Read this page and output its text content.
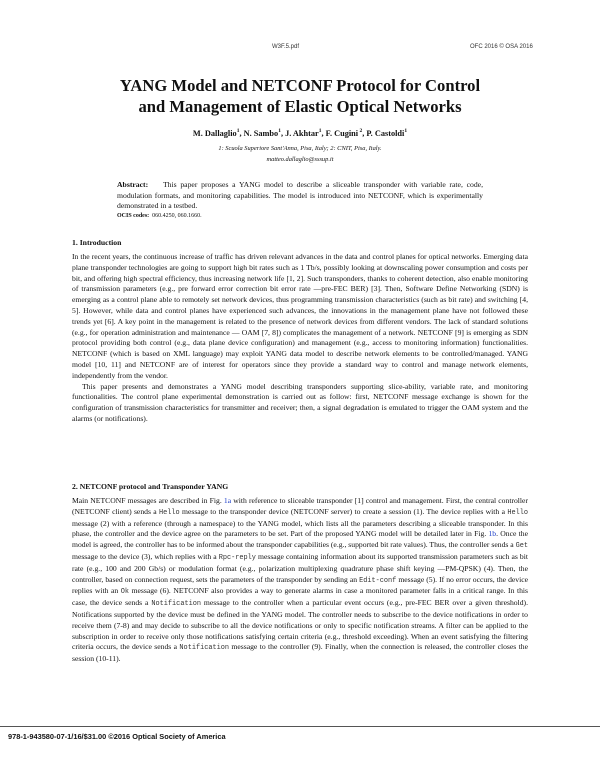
W3F.5.pdf	OFC 2016 © OSA 2016
YANG Model and NETCONF Protocol for Control
and Management of Elastic Optical Networks
M. Dallaglio$^1$, N. Sambo$^1$, J. Akhtar$^1$, F. Cugini $^2$, P. Castoldi$^1$
1: Scuola Superiore Sant'Anna, Pisa, Italy; 2: CNIT, Pisa, Italy.
matteo.dallaglio@sssup.it
Abstract: This paper proposes a YANG model to describe a sliceable transponder with variable rate, code, modulation formats, and monitoring capabilities. The model is introduced into NETCONF, which is experimentally demonstrated in a testbed.
OCIS codes: 060.4250, 060.1660.
1. Introduction

In the recent years, the continuous increase of traffic has driven relevant advances in the data and control planes for optical networks. Emerging data plane transponder technologies are going to support high bit rates such as 1 Tb/s, possibly looking at downscaling power consumption and costs per bit, and offering high spectral efficiency, thus increasing network life [1, 2]. Such transponders, thanks to coherent detection, also enable monitoring of transmission parameters (e.g., pre forward error correction bit error rate —pre-FEC BER) [3]. Then, Software Define Networking (SDN) is emerging as a control plane able to remotely set network devices, thus programming transmission characteristics (such as bit rate) and switching [4, 5]. However, while data and control planes have experienced such advances, the innovations in the management plane have not followed these trends yet [6]. A key point in the management is related to the presence of network devices from different vendors. The lack of standard solutions (e.g., for operation administration and maintenance — OAM [7, 8]) complicates the management of a network. NETCONF [9] is emerging as SDN protocol providing both control (e.g., data plane device configuration) and management (e.g., access to monitoring information) functionalities. NETCONF (which is based on XML language) may exploit YANG data model to describe network elements to be controlled/managed. YANG model [10, 11] and NETCONF are of interest for operators since they provide a standard way to control and manage network elements, independently from the vendor.

This paper presents and demonstrates a YANG model describing transponders supporting slice-ability, variable rate, and monitoring functionalities. The control plane experimental demonstration is carried out as follow: first, NETCONF message exchange is shown for the configuration of transmission characteristics for transmitter and receiver; then, a signal degradation is emulated to trigger the OAM system and the alarms (or notifications).

2. NETCONF protocol and Transponder YANG

Main NETCONF messages are described in Fig. 1a with reference to sliceable transponder [1] control and management. First, the central controller (NETCONF client) sends a Hello message to the transponder device (NETCONF server) to create a session (1). The device replies with a Hello message (2) with a reference (through a namespace) to the YANG model, which lists all the parameters describing a sliceable transponder. In this phase, the controller and the device agree on the parameters to be set. Part of the proposed YANG model will be detailed later in Fig. 1b. Once the model is agreed, the controller has to be informed about the transponder capabilities (e.g., supported bit rate values). Thus, the controller sends a Get message to the device (3), which replies with a Rpc-reply message containing information about its supported transmission parameters such as bit rate (e.g., 100 and 200 Gb/s) or modulation format (e.g., polarization multiplexing quadrature phase shift keying —PM-QPSK) (4). Then, the controller, based on connection request, sets the parameters of the transponder by sending an Edit-conf message (5). If no error occurs, the device replies with an Ok message (6). NETCONF also provides a way to generate alarms in case a monitored parameter falls in a critical range. In this case, the device sends a Notification message to the controller when a particular event occurs (e.g., pre-FEC BER over a given threshold). Notifications supported by the device must be defined in the YANG model. The controller needs to subscribe to the device notifications in order to receive them (7-8) and may decide to subscribe to all the device notifications or only to specific notification streams. A filter can be applied to the subscription in order to receive only those notifications satisfying certain criteria (e.g., threshold exceeding). When an event satisfying the filtering criteria occurs, the device sends a Notification message to the controller (9). Finally, when the connection is released, the controller closes the session (10-11).

978-1-943580-07-1/16/$31.00 ©2016 Optical Society of America
